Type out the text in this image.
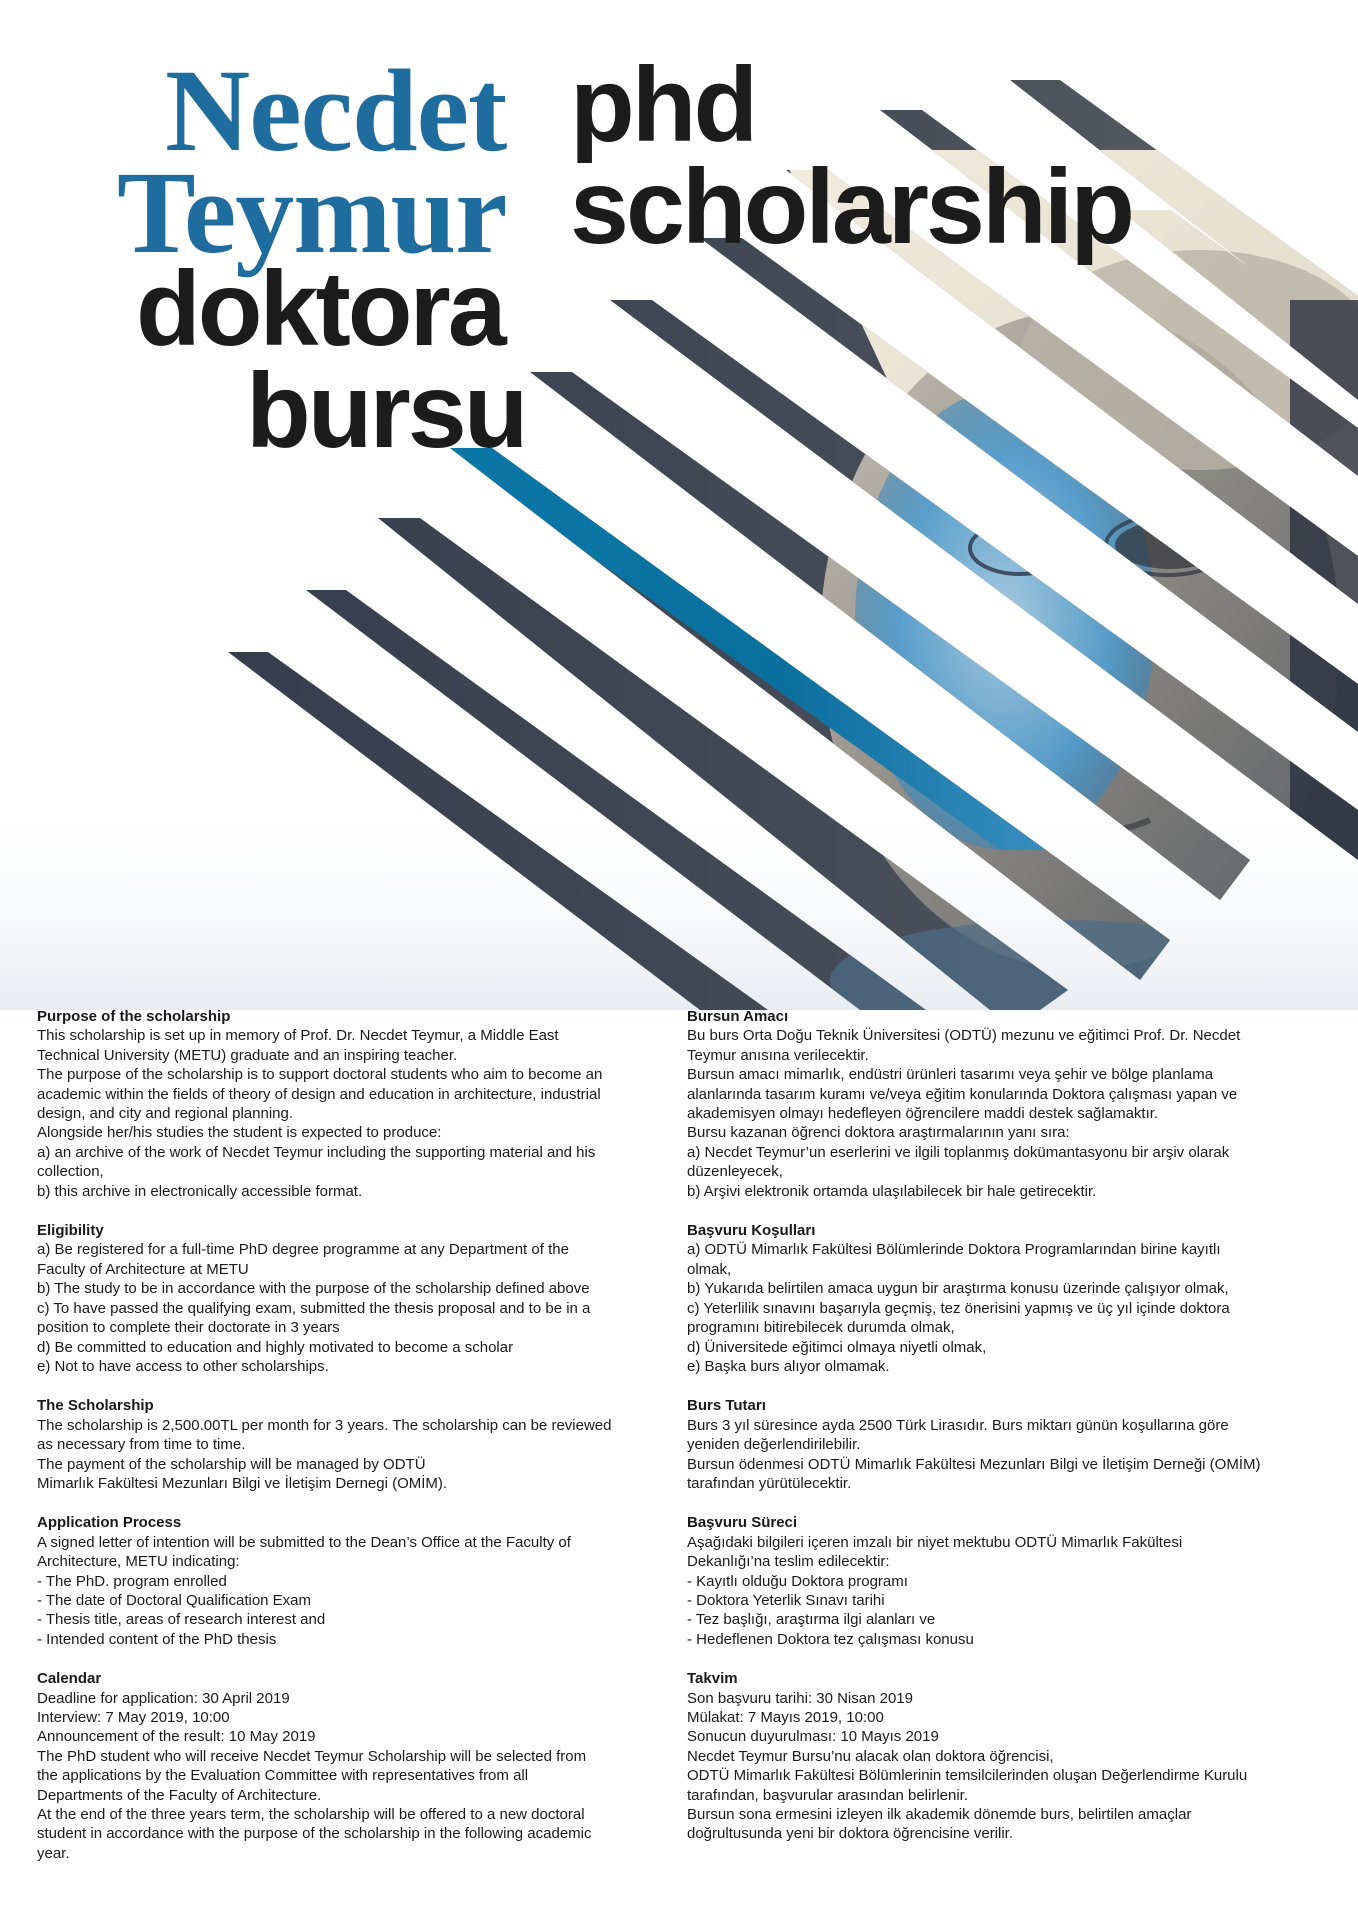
Necdet
Teymur
phd
scholarship
doktora
bursu
Purpose of the scholarship

This scholarship is set up in memory of Prof. Dr. Necdet Teymur, a Middle East
Technical University (METU) graduate and an inspiring teacher.
The purpose of the scholarship is to support doctoral students who aim to become an
academic within the fields of theory of design and education in architecture, industrial
design, and city and regional planning.
Alongside her/his studies the student is expected to produce:
a) an archive of the work of Necdet Teymur including the supporting material and his
collection,
b) this archive in electronically accessible format.

Eligibility

a) Be registered for a full-time PhD degree programme at any Department of the
Faculty of Architecture at METU
b) The study to be in accordance with the purpose of the scholarship defined above
c) To have passed the qualifying exam, submitted the thesis proposal and to be in a
position to complete their doctorate in 3 years
d) Be committed to education and highly motivated to become a scholar
e) Not to have access to other scholarships.

The Scholarship

The scholarship is 2,500.00TL per month for 3 years. The scholarship can be reviewed
as necessary from time to time.
The payment of the scholarship will be managed by ODTÜ
Mimarlık Fakültesi Mezunları Bilgi ve İletişim Dernegi (OMİM).

Application Process

A signed letter of intention will be submitted to the Dean’s Office at the Faculty of
Architecture, METU indicating:
- The PhD. program enrolled
- The date of Doctoral Qualification Exam
- Thesis title, areas of research interest and
- Intended content of the PhD thesis

Calendar

Deadline for application: 30 April 2019
Interview: 7 May 2019, 10:00
Announcement of the result: 10 May 2019
The PhD student who will receive Necdet Teymur Scholarship will be selected from
the applications by the Evaluation Committee with representatives from all
Departments of the Faculty of Architecture.
At the end of the three years term, the scholarship will be offered to a new doctoral
student in accordance with the purpose of the scholarship in the following academic
year.

Bursun Amacı

Bu burs Orta Doğu Teknik Üniversitesi (ODTÜ) mezunu ve eğitimci Prof. Dr. Necdet
Teymur anısına verilecektir.
Bursun amacı mimarlık, endüstri ürünleri tasarımı veya şehir ve bölge planlama
alanlarında tasarım kuramı ve/veya eğitim konularında Doktora çalışması yapan ve
akademisyen olmayı hedefleyen öğrencilere maddi destek sağlamaktır.
Bursu kazanan öğrenci doktora araştırmalarının yanı sıra:
a) Necdet Teymur’un eserlerini ve ilgili toplanmış dokümantasyonu bir arşiv olarak
düzenleyecek,
b) Arşivi elektronik ortamda ulaşılabilecek bir hale getirecektir.

Başvuru Koşulları

a) ODTÜ Mimarlık Fakültesi Bölümlerinde Doktora Programlarından birine kayıtlı
olmak,
b) Yukarıda belirtilen amaca uygun bir araştırma konusu üzerinde çalışıyor olmak,
c) Yeterlilik sınavını başarıyla geçmiş, tez önerisini yapmış ve üç yıl içinde doktora
programını bitirebilecek durumda olmak,
d) Üniversitede eğitimci olmaya niyetli olmak,
e) Başka burs alıyor olmamak.

Burs Tutarı

Burs 3 yıl süresince ayda 2500 Türk Lirasıdır. Burs miktarı günün koşullarına göre
yeniden değerlendirilebilir.
Bursun ödenmesi ODTÜ Mimarlık Fakültesi Mezunları Bilgi ve İletişim Derneği (OMİM)
tarafından yürütülecektir.

Başvuru Süreci

Aşağıdaki bilgileri içeren imzalı bir niyet mektubu ODTÜ Mimarlık Fakültesi
Dekanlığı’na teslim edilecektir:
- Kayıtlı olduğu Doktora programı
- Doktora Yeterlik Sınavı tarihi
- Tez başlığı, araştırma ilgi alanları ve
- Hedeflenen Doktora tez çalışması konusu

Takvim

Son başvuru tarihi: 30 Nisan 2019
Mülakat: 7 Mayıs 2019, 10:00
Sonucun duyurulması: 10 Mayıs 2019
Necdet Teymur Bursu’nu alacak olan doktora öğrencisi,
ODTÜ Mimarlık Fakültesi Bölümlerinin temsilcilerinden oluşan Değerlendirme Kurulu
tarafından, başvurular arasından belirlenir.
Bursun sona ermesini izleyen ilk akademik dönemde burs, belirtilen amaçlar
doğrultusunda yeni bir doktora öğrencisine verilir.
